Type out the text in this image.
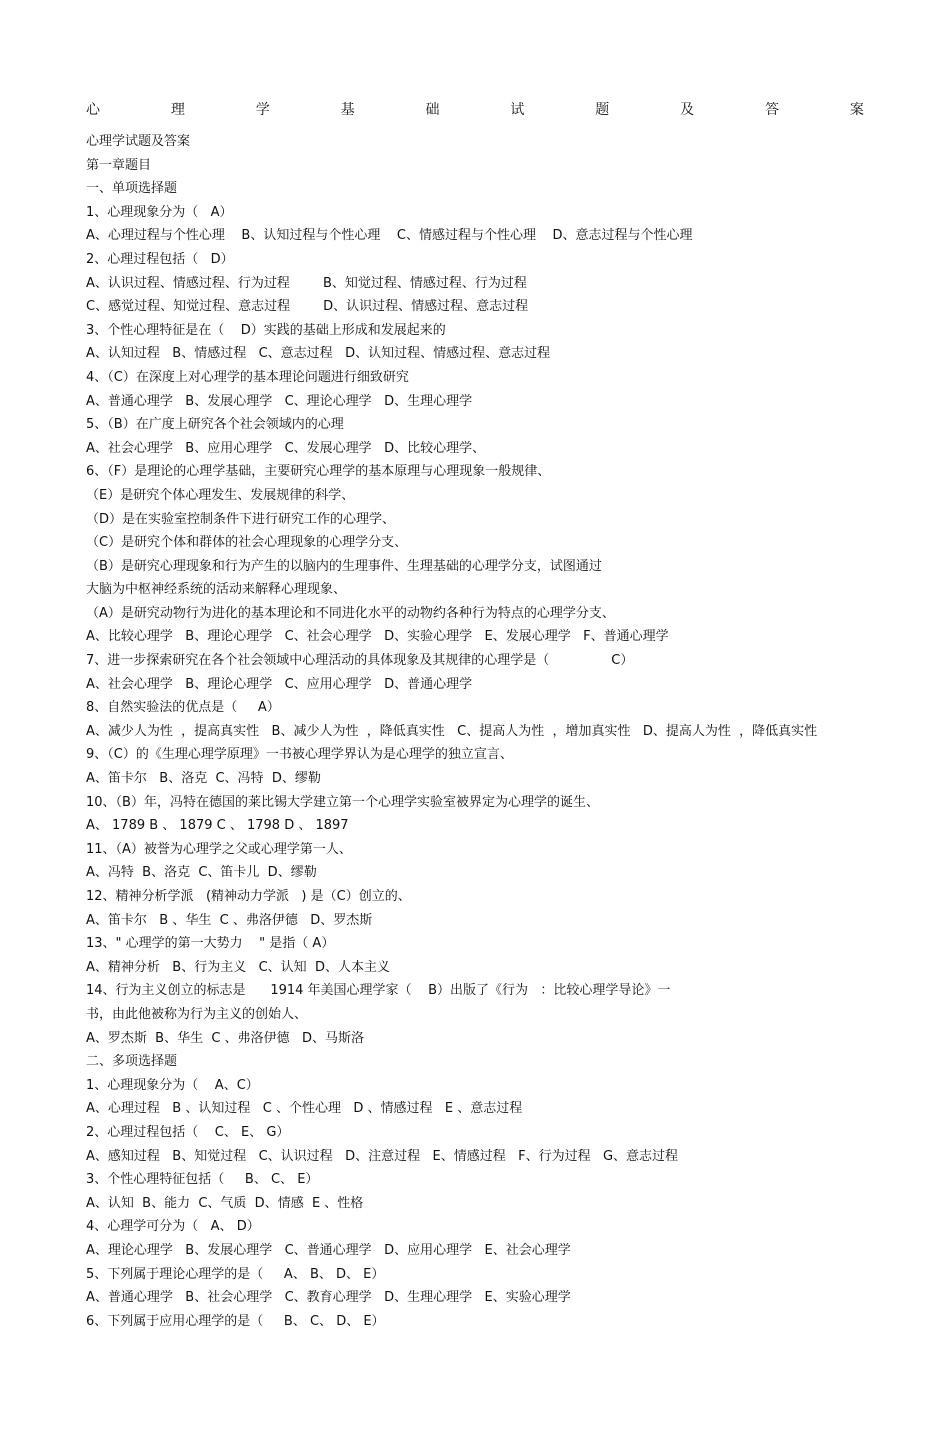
心	理	学	基	础	试	题	及	答	案
心理学试题及答案
第一章题目
一、单项选择题
1、心理现象分为（   A）
A、心理过程与个性心理    B、认知过程与个性心理    C、情感过程与个性心理    D、意志过程与个性心理
2、心理过程包括（   D）
A、认识过程、情感过程、行为过程        B、知觉过程、情感过程、行为过程
C、感觉过程、知觉过程、意志过程        D、认识过程、情感过程、意志过程
3、个性心理特征是在（    D）实践的基础上形成和发展起来的
A、认知过程   B、情感过程   C、意志过程   D、认知过程、情感过程、意志过程
4、（C）在深度上对心理学的基本理论问题进行细致研究
A、普通心理学   B、发展心理学   C、理论心理学   D、生理心理学
5、（B）在广度上研究各个社会领域内的心理
A、社会心理学   B、应用心理学   C、发展心理学   D、比较心理学、
6、（F）是理论的心理学基础，主要研究心理学的基本原理与心理现象一般规律、
（E）是研究个体心理发生、发展规律的科学、
（D）是在实验室控制条件下进行研究工作的心理学、
（C）是研究个体和群体的社会心理现象的心理学分支、
（B）是研究心理现象和行为产生的以脑内的生理事件、生理基础的心理学分支，试图通过
大脑为中枢神经系统的活动来解释心理现象、
（A）是研究动物行为进化的基本理论和不同进化水平的动物约各种行为特点的心理学分支、
A、比较心理学   B、理论心理学   C、社会心理学   D、实验心理学   E、发展心理学   F、普通心理学
7、进一步探索研究在各个社会领域中心理活动的具体现象及其规律的心理学是（               C）
A、社会心理学   B、理论心理学   C、应用心理学   D、普通心理学
8、自然实验法的优点是（     A）
A、减少人为性  ，提高真实性   B、减少人为性  ，降低真实性   C、提高人为性  ，增加真实性   D、提高人为性  ，降低真实性
9、（C）的《生理心理学原理》一书被心理学界认为是心理学的独立宣言、
A、笛卡尔   B、洛克  C、冯特  D、缪勒
10、（B）年，冯特在德国的莱比锡大学建立第一个心理学实验室被界定为心理学的诞生、
A、 1789 B 、 1879 C 、 1798 D 、 1897
11、（A）被誉为心理学之父或心理学第一人、
A、冯特  B、洛克  C、笛卡儿  D、缪勒
12、精神分析学派   (精神动力学派   ) 是（C）创立的、
A、笛卡尔   B 、华生  C 、弗洛伊德   D、罗杰斯
13、" 心理学的第一大势力    " 是指（ A）
A、精神分析   B、行为主义   C、认知  D、人本主义
14、行为主义创立的标志是      1914 年美国心理学家（    B）出版了《行为   ：比较心理学导论》一
书，由此他被称为行为主义的创始人、
A、罗杰斯  B、华生  C 、弗洛伊德   D、马斯洛
二、多项选择题
1、心理现象分为（    A、C）
A、心理过程   B 、认知过程   C 、个性心理   D 、情感过程   E 、意志过程
2、心理过程包括（    C、 E、 G）
A、感知过程   B、知觉过程   C、认识过程   D、注意过程   E、情感过程   F、行为过程   G、意志过程
3、个性心理特征包括（     B、 C、 E）
A、认知  B、能力  C、气质  D、情感  E 、性格
4、心理学可分为（   A、 D）
A、理论心理学   B、发展心理学   C、普通心理学   D、应用心理学   E、社会心理学
5、下列属于理论心理学的是（     A、 B、 D、 E）
A、普通心理学   B、社会心理学   C、教育心理学   D、生理心理学   E、实验心理学
6、下列属于应用心理学的是（     B、 C、 D、 E）
